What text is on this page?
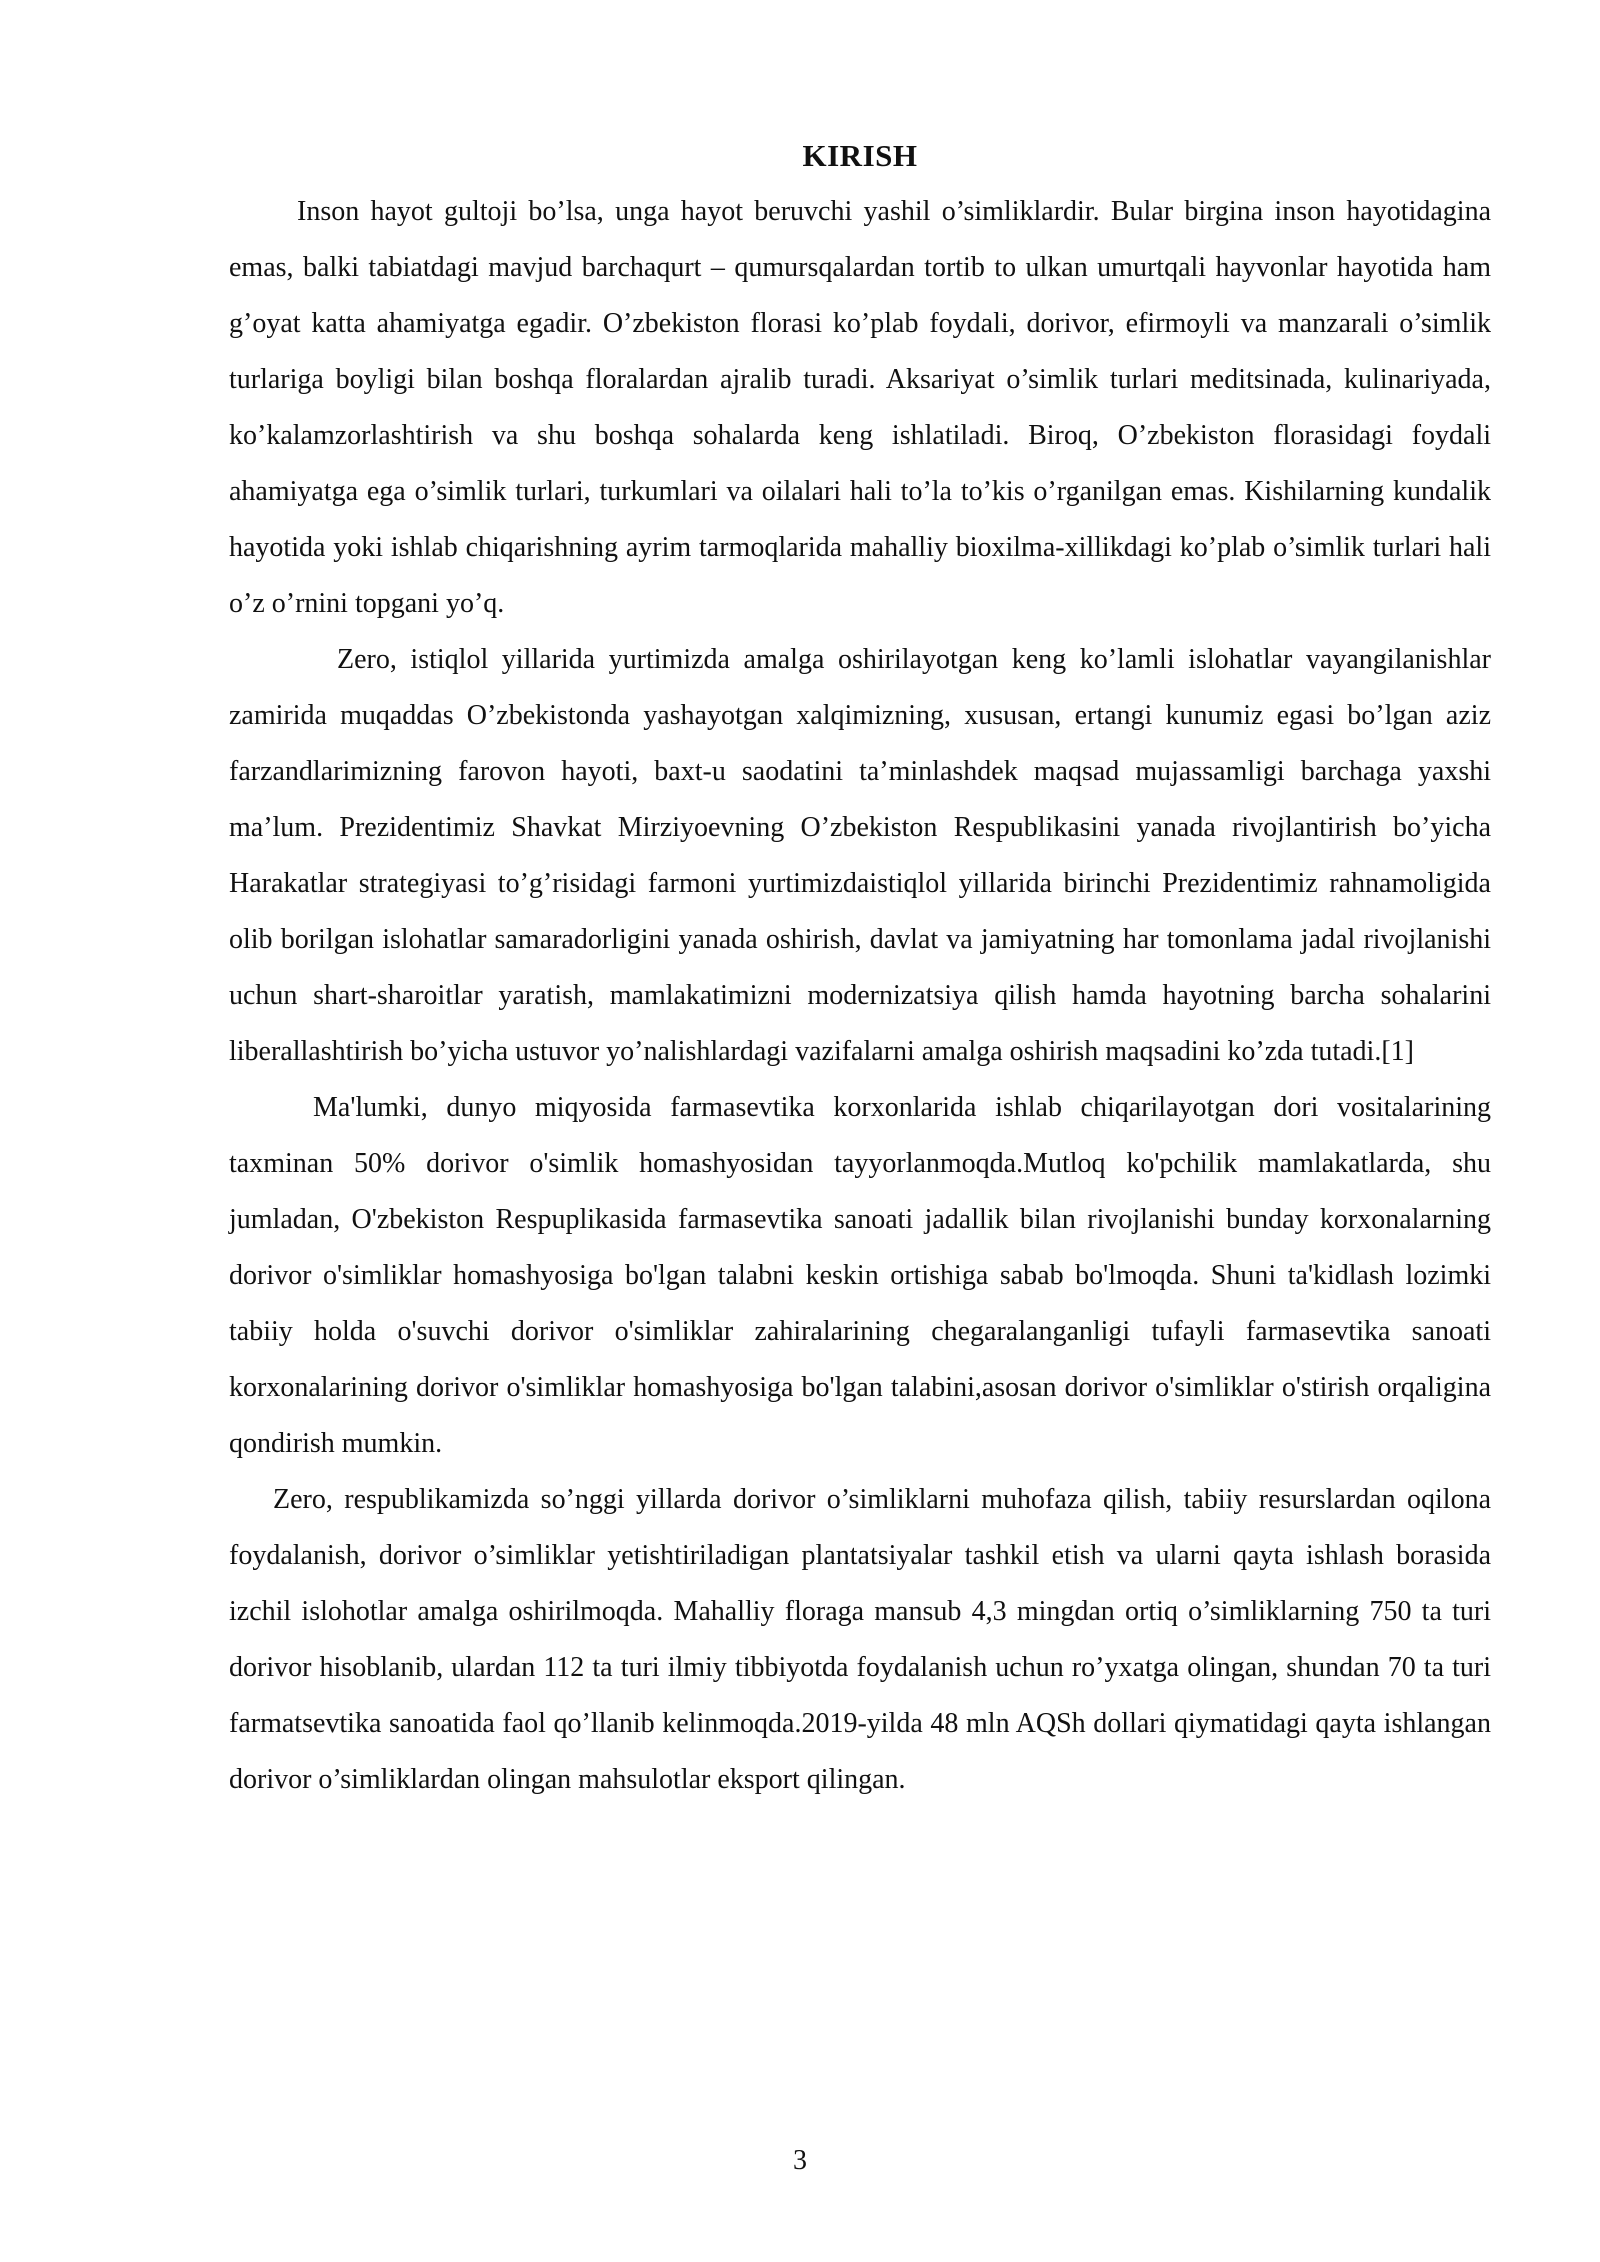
KIRISH

Inson hayot gultoji bo’lsa, unga hayot beruvchi yashil o’simliklardir. Bular birgina inson hayotidagina emas, balki tabiatdagi mavjud barchaqurt – qumursqalardan tortib to ulkan umurtqali hayvonlar hayotida ham g’oyat katta ahamiyatga egadir. O’zbekiston florasi ko’plab foydali, dorivor, efirmoyli va manzarali o’simlik turlariga boyligi bilan boshqa floralardan ajralib turadi. Aksariyat o’simlik turlari meditsinada, kulinariyada, ko’kalamzorlashtirish va shu boshqa sohalarda keng ishlatiladi. Biroq, O’zbekiston florasidagi foydali ahamiyatga ega o’simlik turlari, turkumlari va oilalari hali to’la to’kis o’rganilgan emas. Kishilarning kundalik hayotida yoki ishlab chiqarishning ayrim tarmoqlarida mahalliy bioxilma-xillikdagi ko’plab o’simlik turlari hali o’z o’rnini topgani yo’q.

Zero, istiqlol yillarida yurtimizda amalga oshirilayotgan keng ko’lamli islohatlar vayangilanishlar zamirida muqaddas O’zbekistonda yashayotgan xalqimizning, xususan, ertangi kunumiz egasi bo’lgan aziz farzandlarimizning farovon hayoti, baxt-u saodatini ta’minlashdek maqsad mujassamligi barchaga yaxshi ma’lum. Prezidentimiz Shavkat Mirziyoevning O’zbekiston Respublikasini yanada rivojlantirish bo’yicha Harakatlar strategiyasi to’g’risidagi farmoni yurtimizdaistiqlol yillarida birinchi Prezidentimiz rahnamoligida olib borilgan islohatlar samaradorligini yanada oshirish, davlat va jamiyatning har tomonlama jadal rivojlanishi uchun shart-sharoitlar yaratish, mamlakatimizni modernizatsiya qilish hamda hayotning barcha sohalarini liberallashtirish bo’yicha ustuvor yo’nalishlardagi vazifalarni amalga oshirish maqsadini ko’zda tutadi.[1]

Ma'lumki, dunyo miqyosida farmasevtika korxonlarida ishlab chiqarilayotgan dori vositalarining taxminan 50% dorivor o'simlik homashyosidan tayyorlanmoqda.Mutloq ko'pchilik mamlakatlarda, shu jumladan, O'zbekiston Respuplikasida farmasevtika sanoati jadallik bilan rivojlanishi bunday korxonalarning dorivor o'simliklar homashyosiga bo'lgan talabni keskin ortishiga sabab bo'lmoqda. Shuni ta'kidlash lozimki tabiiy holda o'suvchi dorivor o'simliklar zahiralarining chegaralanganligi tufayli farmasevtika sanoati korxonalarining dorivor o'simliklar homashyosiga bo'lgan talabini,asosan dorivor o'simliklar o'stirish orqaligina qondirish mumkin.

Zero, respublikamizda so’nggi yillarda dorivor o’simliklarni muhofaza qilish, tabiiy resurslardan oqilona foydalanish, dorivor o’simliklar yetishtiriladigan plantatsiyalar tashkil etish va ularni qayta ishlash borasida izchil islohotlar amalga oshirilmoqda. Mahalliy floraga mansub 4,3 mingdan ortiq o’simliklarning 750 ta turi dorivor hisoblanib, ulardan 112 ta turi ilmiy tibbiyotda foydalanish uchun ro’yxatga olingan, shundan 70 ta turi farmatsevtika sanoatida faol qo’llanib kelinmoqda.2019-yilda 48 mln AQSh dollari qiymatidagi qayta ishlangan dorivor o’simliklardan olingan mahsulotlar eksport qilingan.

3
